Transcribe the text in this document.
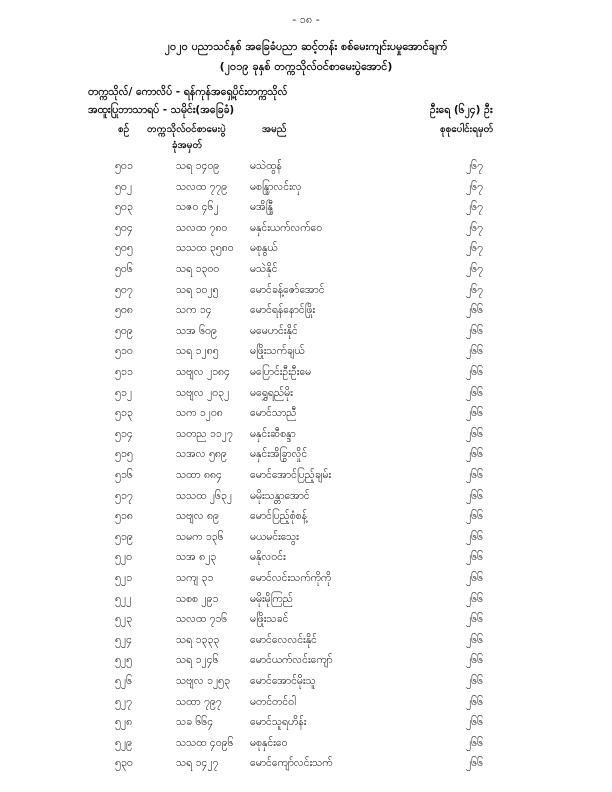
- ၁၈ -
၂၀၂၀ ပညာသင်နှစ် အခြေခံပညာ ဆင့်တန်း စစ်မေးကျင်းပမှုအောင်ချက်
(၂၀၁၉ ခုနှစ် တက္ကသိုလ်ဝင်စာမေးပွဲအောင်)
တက္ကသိုလ်/ ကောလိပ် - ရန်ကုန်အရှေ့ပိုင်းတက္ကသိုလ်
အထူးပြုဘာသာရပ် - သမိုင်း(အခြေခံ)	ဦးရေ (၆၂၄) ဦး
စဉ် တက္ကသိုလ်ဝင်စာမေးပွဲ
ခုံအမှတ်
အမည်	စုစုပေါင်းရမှတ်
၅၀၁	သရ ၁၄၀၉	မသဲထွန်	၂၆၇
၅၀၂	သလထ ၇၇၉ မစန္ဒြာလင်းလှ	၂၆၇
၅၀၃	သဇ၀ ၄၆၂	မအိန္ဒြီ	၂၆၇
၅၀၄	သလထ ၇၈၀ မနှင်းယက်လက်ဝေ	၂၆၇
၅၀၅	သသထ ၃၅၈၀ မစုနွယ်	၂၆၇
၅၀၆	သရ ၁၃၀၀	မသဲနိုင်	၂၆၇
၅၀၇	သရ ၁၀၂၅	မောင်ခန့်ဇော်အောင်	၂၆၇
၅၀၈	သက ၁၄	မောင်ရန်နောင်ဖြိုး	၂၆၆
၅၀၉	သအ ၆၀၉	မမေဟင်းနိုင်	၂၆၆
၅၁၀	သရ ၁၂၈၅	မဖြိုးသက်ချယ်	၂၆၆
၅၁၁	သဗျလ ၂၁၈၄ မပြောင်းဦးဦးမေ	၂၆၆
၅၁၂	သဗျလ ၂၀၃၂ မရွှေရည်မိုး	၂၆၆
၅၁၃	သက ၁၂၀၈	မောင်သာညီ	၂၆၆
၅၁၄	သတည ၁၁၂၇ မနှင်းဆီစန္ဒာ	၂၆၆
၅၁၅	သအလ ၅၈၉ မနှင်းအိခြွာလှိုင်	၂၆၆
၅၁၆	သထာ ၈၈၄	မောင်အောင်ပြည့်ချမ်း	၂၆၆
၅၁၇	သသထ ၂၆၃၂ မမိုးသန္တာအောင်	၂၆၆
၅၁၈	သဗျလ ၈၉	မောင်ပြည့်စုံစန့်	၂၆၆
၅၁၉	သမက ၁၃၆	မယမင်းသွေး	၂၆၆
၅၂၀	သအ ၈၂၃	မနိုလ၀င်း	၂၆၆
၅၂၁	သကျ ၃၁	မောင်လင်းသက်ကိုကို	၂၆၆
၅၂၂	သစစ ၂၉၁	မမိုးမိုကြည်	၂၆၆
၅၂၃	သလထ ၇၁၆ မဖြိုးသခင်	၂၆၆
၅၂၄	သရ ၁၃၃၃	မောင်လေလင်းနိုင်	၂၆၆
၅၂၅	သရ ၁၂၄၆	မောင်ယက်လင်းကျော်	၂၆၆
၅၂၆	သဗျလ ၁၂၅၃ မောင်အောင်မိုးသူ	၂၆၆
၅၂၇	သထာ ၇၉၇	မတင်တင်ဝါ	၂၆၆
၅၂၈	သခ ၆၆၄	မောင်သူရဟိန်း	၂၆၆
၅၂၉	သသထ ၄၀၉၆ မစုနှင်းဝေ	၂၆၆
၅၃၀	သရ ၁၄၂၇	မောင်ကျော်လင်းသက်	၂၆၆
